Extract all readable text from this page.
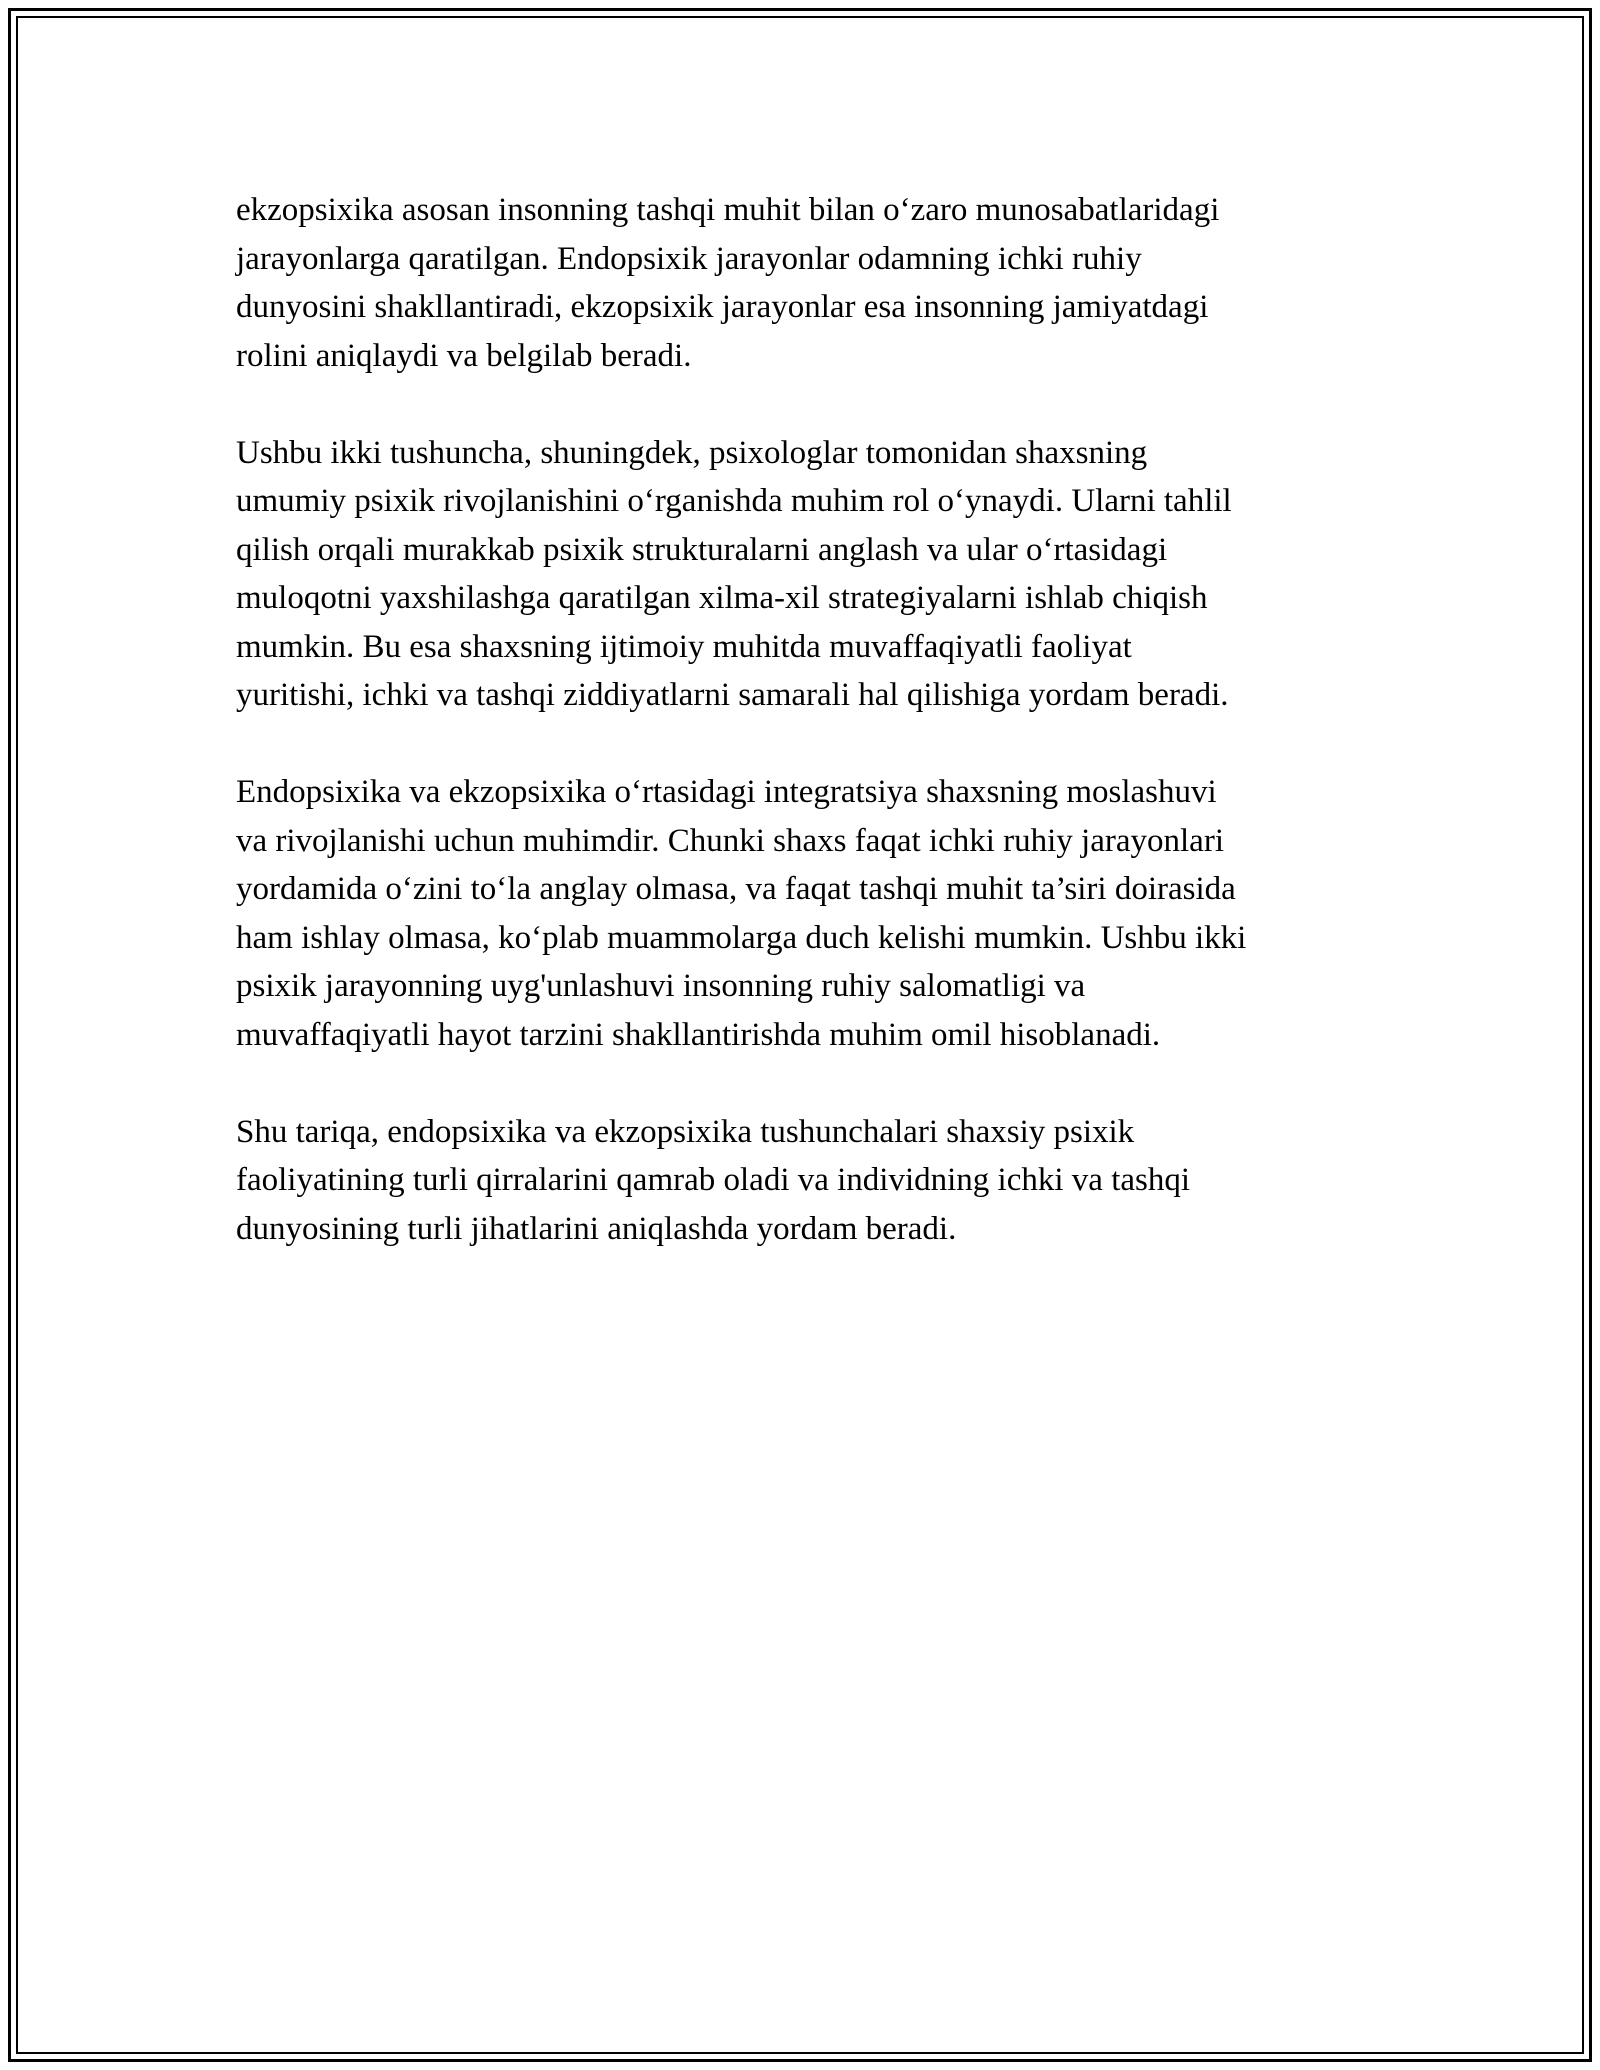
ekzopsixika asosan insonning tashqi muhit bilan o‘zaro munosabatlaridagi
jarayonlarga qaratilgan. Endopsixik jarayonlar odamning ichki ruhiy
dunyosini shakllantiradi, ekzopsixik jarayonlar esa insonning jamiyatdagi
rolini aniqlaydi va belgilab beradi.

Ushbu ikki tushuncha, shuningdek, psixologlar tomonidan shaxsning
umumiy psixik rivojlanishini o‘rganishda muhim rol o‘ynaydi. Ularni tahlil
qilish orqali murakkab psixik strukturalarni anglash va ular o‘rtasidagi
muloqotni yaxshilashga qaratilgan xilma-xil strategiyalarni ishlab chiqish
mumkin. Bu esa shaxsning ijtimoiy muhitda muvaffaqiyatli faoliyat
yuritishi, ichki va tashqi ziddiyatlarni samarali hal qilishiga yordam beradi.

Endopsixika va ekzopsixika o‘rtasidagi integratsiya shaxsning moslashuvi
va rivojlanishi uchun muhimdir. Chunki shaxs faqat ichki ruhiy jarayonlari
yordamida o‘zini to‘la anglay olmasa, va faqat tashqi muhit ta’siri doirasida
ham ishlay olmasa, ko‘plab muammolarga duch kelishi mumkin. Ushbu ikki
psixik jarayonning uyg'unlashuvi insonning ruhiy salomatligi va
muvaffaqiyatli hayot tarzini shakllantirishda muhim omil hisoblanadi.

Shu tariqa, endopsixika va ekzopsixika tushunchalari shaxsiy psixik
faoliyatining turli qirralarini qamrab oladi va individning ichki va tashqi
dunyosining turli jihatlarini aniqlashda yordam beradi.
